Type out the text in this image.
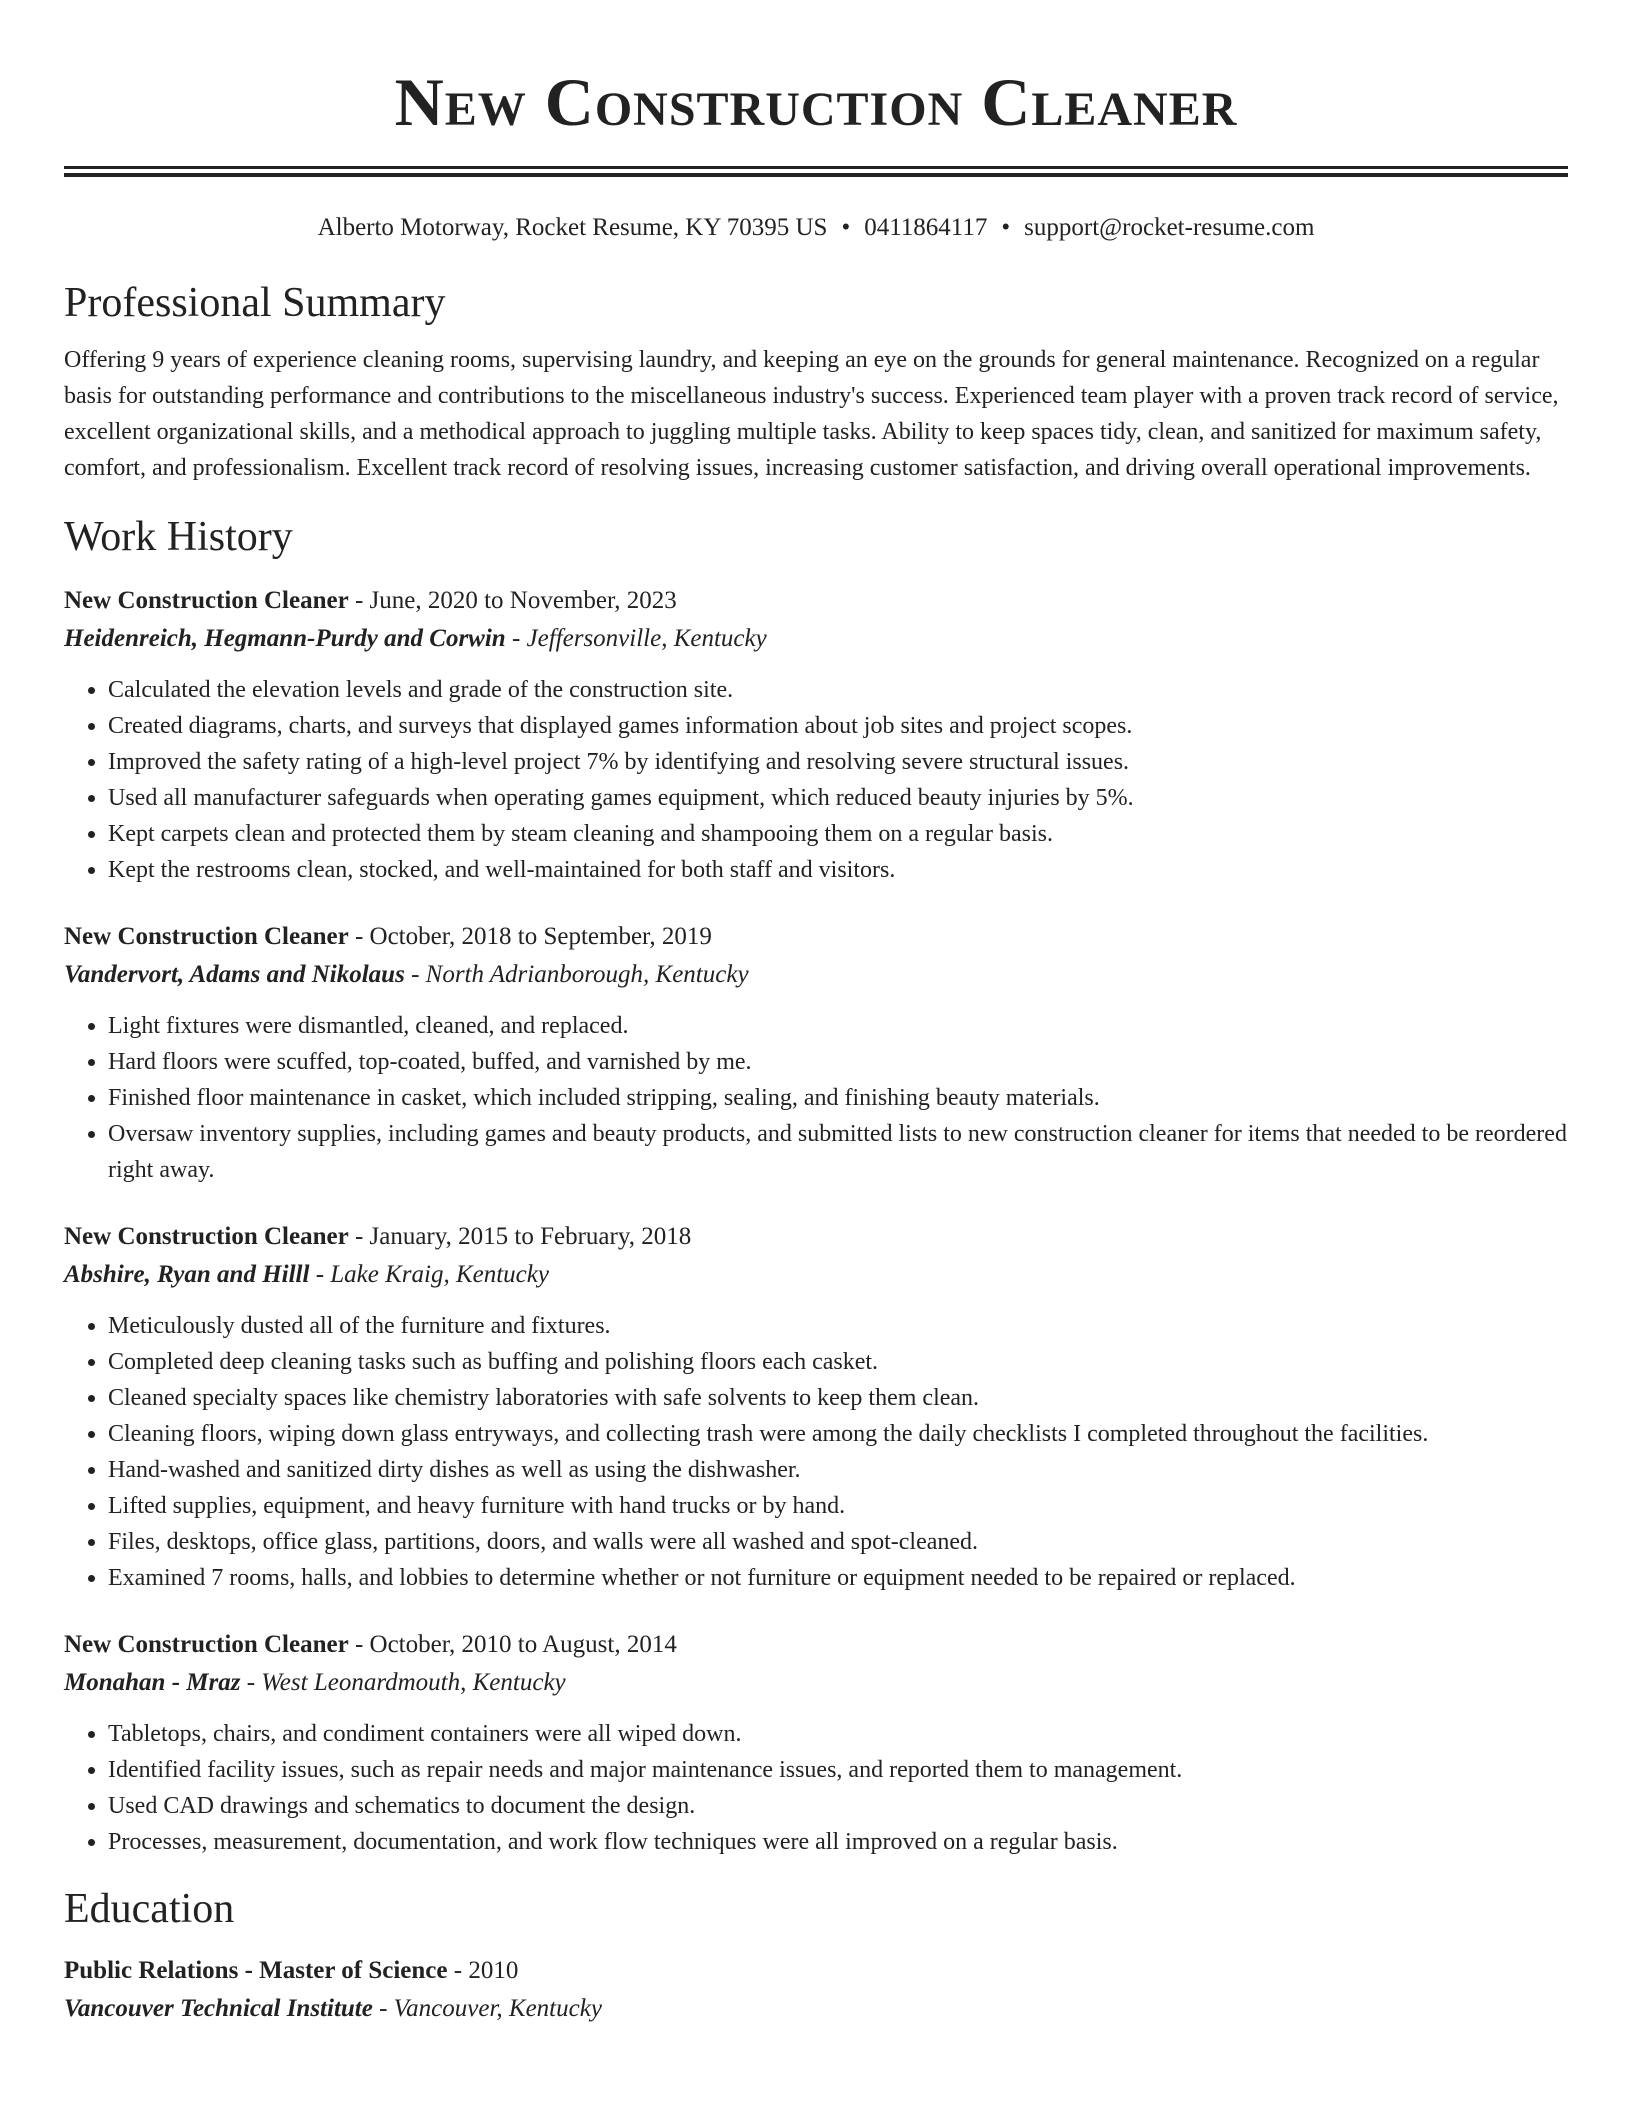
New Construction Cleaner
Alberto Motorway, Rocket Resume, KY 70395 US • 0411864117 • support@rocket-resume.com
Professional Summary
Offering 9 years of experience cleaning rooms, supervising laundry, and keeping an eye on the grounds for general maintenance. Recognized on a regular basis for outstanding performance and contributions to the miscellaneous industry's success. Experienced team player with a proven track record of service, excellent organizational skills, and a methodical approach to juggling multiple tasks. Ability to keep spaces tidy, clean, and sanitized for maximum safety, comfort, and professionalism. Excellent track record of resolving issues, increasing customer satisfaction, and driving overall operational improvements.
Work History
New Construction Cleaner - June, 2020 to November, 2023
Heidenreich, Hegmann-Purdy and Corwin - Jeffersonville, Kentucky
• Calculated the elevation levels and grade of the construction site.
• Created diagrams, charts, and surveys that displayed games information about job sites and project scopes.
• Improved the safety rating of a high-level project 7% by identifying and resolving severe structural issues.
• Used all manufacturer safeguards when operating games equipment, which reduced beauty injuries by 5%.
• Kept carpets clean and protected them by steam cleaning and shampooing them on a regular basis.
• Kept the restrooms clean, stocked, and well-maintained for both staff and visitors.
New Construction Cleaner - October, 2018 to September, 2019
Vandervort, Adams and Nikolaus - North Adrianborough, Kentucky
• Light fixtures were dismantled, cleaned, and replaced.
• Hard floors were scuffed, top-coated, buffed, and varnished by me.
• Finished floor maintenance in casket, which included stripping, sealing, and finishing beauty materials.
• Oversaw inventory supplies, including games and beauty products, and submitted lists to new construction cleaner for items that needed to be reordered right away.
New Construction Cleaner - January, 2015 to February, 2018
Abshire, Ryan and Hilll - Lake Kraig, Kentucky
• Meticulously dusted all of the furniture and fixtures.
• Completed deep cleaning tasks such as buffing and polishing floors each casket.
• Cleaned specialty spaces like chemistry laboratories with safe solvents to keep them clean.
• Cleaning floors, wiping down glass entryways, and collecting trash were among the daily checklists I completed throughout the facilities.
• Hand-washed and sanitized dirty dishes as well as using the dishwasher.
• Lifted supplies, equipment, and heavy furniture with hand trucks or by hand.
• Files, desktops, office glass, partitions, doors, and walls were all washed and spot-cleaned.
• Examined 7 rooms, halls, and lobbies to determine whether or not furniture or equipment needed to be repaired or replaced.
New Construction Cleaner - October, 2010 to August, 2014
Monahan - Mraz - West Leonardmouth, Kentucky
• Tabletops, chairs, and condiment containers were all wiped down.
• Identified facility issues, such as repair needs and major maintenance issues, and reported them to management.
• Used CAD drawings and schematics to document the design.
• Processes, measurement, documentation, and work flow techniques were all improved on a regular basis.
Education
Public Relations - Master of Science - 2010
Vancouver Technical Institute - Vancouver, Kentucky
